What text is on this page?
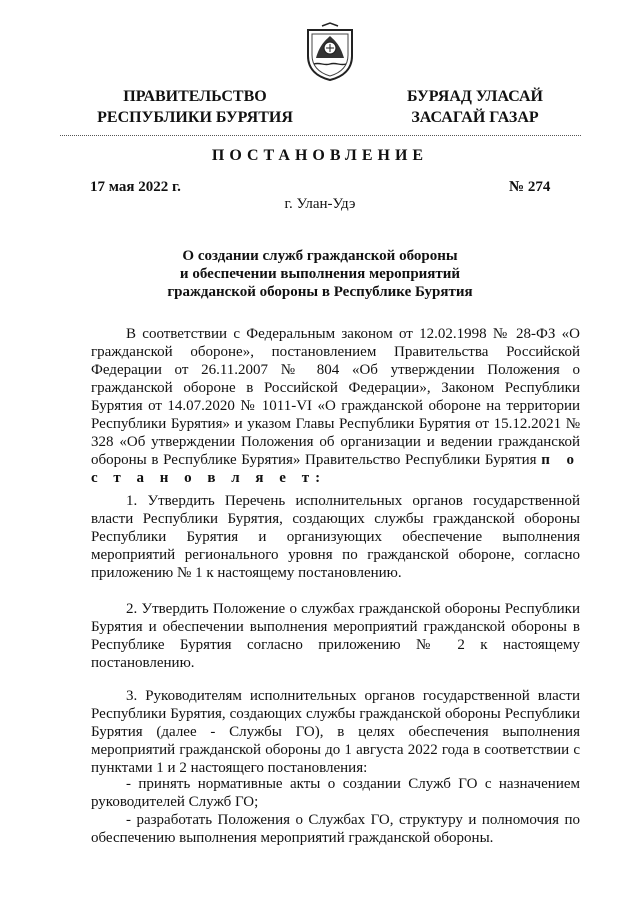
ПРАВИТЕЛЬСТВО
РЕСПУБЛИКИ БУРЯТИЯ
БУРЯАД УЛАСАЙ
ЗАСАГАЙ ГАЗАР
ПОСТАНОВЛЕНИЕ
17 мая 2022 г.	№ 274
г. Улан-Удэ
О создании служб гражданской обороны
и обеспечении выполнения мероприятий
гражданской обороны в Республике Бурятия
В соответствии с Федеральным законом от 12.02.1998 № 28-ФЗ «О гражданской обороне», постановлением Правительства Российской Федерации от 26.11.2007 № 804 «Об утверждении Положения о гражданской обороне в Российской Федерации», Законом Республики Бурятия от 14.07.2020 № 1011-VI «О гражданской обороне на территории Республики Бурятия» и указом Главы Республики Бурятия от 15.12.2021 № 328 «Об утверждении Положения об организации и ведении гражданской обороны в Республике Бурятия» Правительство Республики Бурятия п о с т а н о в л я е т:
1. Утвердить Перечень исполнительных органов государственной власти Республики Бурятия, создающих службы гражданской обороны Республики Бурятия и организующих обеспечение выполнения мероприятий регионального уровня по гражданской обороне, согласно приложению № 1 к настоящему постановлению.
2. Утвердить Положение о службах гражданской обороны Республики Бурятия и обеспечении выполнения мероприятий гражданской обороны в Республике Бурятия согласно приложению № 2 к настоящему постановлению.
3. Руководителям исполнительных органов государственной власти Республики Бурятия, создающих службы гражданской обороны Республики Бурятия (далее - Службы ГО), в целях обеспечения выполнения мероприятий гражданской обороны до 1 августа 2022 года в соответствии с пунктами 1 и 2 настоящего постановления:
- принять нормативные акты о создании Служб ГО с назначением руководителей Служб ГО;
- разработать Положения о Службах ГО, структуру и полномочия по обеспечению выполнения мероприятий гражданской обороны.
